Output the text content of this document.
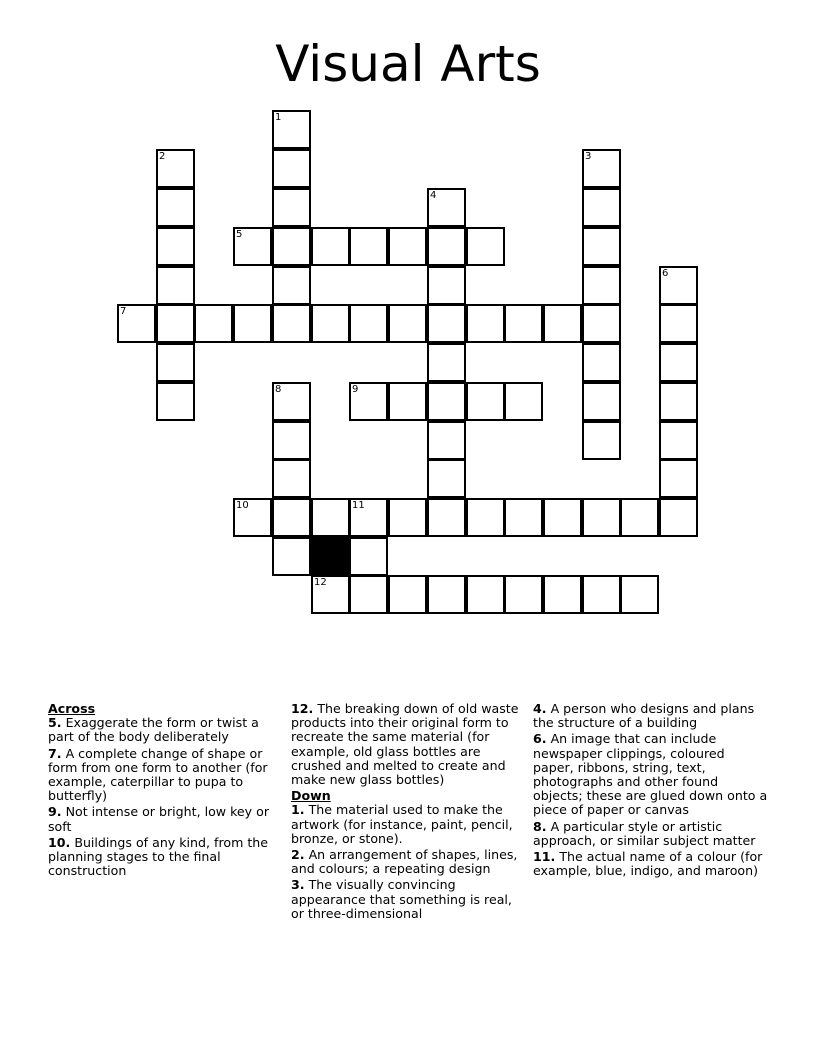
Visual Arts
1
2	3
4
5
6
7
8	9
10	11
12
Across
5. Exaggerate the form or twist a part of the body deliberately
7. A complete change of shape or form from one form to another (for example, caterpillar to pupa to butterfly)
9. Not intense or bright, low key or soft
10. Buildings of any kind, from the planning stages to the final construction
12. The breaking down of old waste products into their original form to recreate the same material (for example, old glass bottles are crushed and melted to create and make new glass bottles)
Down
1. The material used to make the artwork (for instance, paint, pencil, bronze, or stone).
2. An arrangement of shapes, lines, and colours; a repeating design
3. The visually convincing appearance that something is real, or three-dimensional
4. A person who designs and plans the structure of a building
6. An image that can include newspaper clippings, coloured paper, ribbons, string, text, photographs and other found objects; these are glued down onto a piece of paper or canvas
8. A particular style or artistic approach, or similar subject matter
11. The actual name of a colour (for example, blue, indigo, and maroon)
